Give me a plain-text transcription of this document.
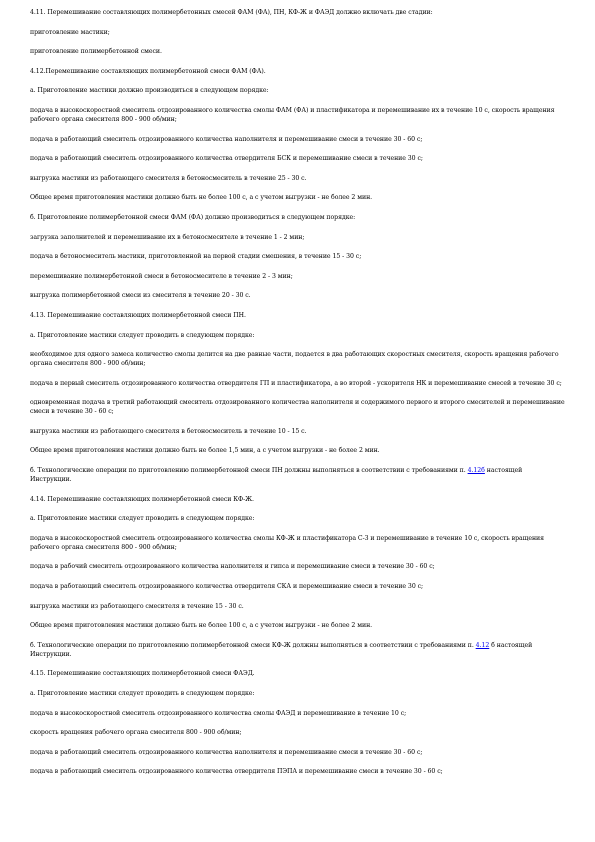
4.11. Перемешивание составляющих полимербетонных смесей ФАМ (ФА), ПН, КФ-Ж и ФАЭД должно включать две стадии:

приготовление мастики;

приготовление полимербетонной смеси.

4.12.Перемешивание составляющих полимербетонной смеси ФАМ (ФА).

а. Приготовление мастики должно производиться в следующем порядке:

подача в высокоскоростной смеситель отдозированного количества смолы ФАМ (ФА) и пластификатора и перемешивание их в течение 10 с, скорость вращения рабочего органа смесителя 800 - 900 об/мин;

подача в работающий смеситель отдозированного количества наполнителя и перемешивание смеси в течение 30 - 60 с;

подача в работающий смеситель отдозированного количества отвердителя БСК и перемешивание смеси в течение 30 с;

выгрузка мастики из работающего смесителя в бетоносмеситель в течение 25 - 30 с.

Общее время приготовления мастики должно быть не более 100 с, а с учетом выгрузки - не более 2 мин.

б. Приготовление полимербетонной смеси ФАМ (ФА) должно производиться в следующем порядке:

загрузка заполнителей и перемешивание их в бетоносмесителе в течение 1 - 2 мин;

подача в бетоносмеситель мастики, приготовленной на первой стадии смешения, в течение 15 - 30 с;

перемешивание полимербетонной смеси в бетоносмесителе в течение 2 - 3 мин;

выгрузка полимербетонной смеси из смесителя в течение 20 - 30 с.

4.13. Перемешивание составляющих полимербетонной смеси ПН.

а. Приготовление мастики следует проводить в следующем порядке:

необходимое для одного замеса количество смолы делится на две равные части, подается в два работающих скоростных смесителя, скорость вращения рабочего органа смесителя 800 - 900 об/мин;

подача в первый смеситель отдозированного количества отвердителя ГП и пластификатора, а во второй - ускорителя НК и перемешивание смесей в течение 30 с;

одновременная подача в третий работающий смеситель отдозированного количества наполнителя и содержимого первого и второго смесителей и перемешивание смеси в течение 30 - 60 с;

выгрузка мастики из работающего смесителя в бетоносмеситель в течение 10 - 15 с.

Общее время приготовления мастики должно быть не более 1,5 мин, а с учетом выгрузки - не более 2 мин.

б. Технологические операции по приготовлению полимербетонной смеси ПН должны выполняться в соответствии с требованиями п. 4.12б настоящей Инструкции.

4.14. Перемешивание составляющих полимербетонной смеси КФ-Ж.

а. Приготовление мастики следует проводить в следующем порядке:

подача в высокоскоростной смеситель отдозированного количества смолы КФ-Ж и пластификатора С-3 и перемешивание в течение 10 с, скорость вращения рабочего органа смесителя 800 - 900 об/мин;

подача в рабочий смеситель отдозированного количества наполнителя и гипса и перемешивание смеси в течение 30 - 60 с;

подача в работающий смеситель отдозированного количества отвердителя СКА и перемешивание смеси в течение 30 с;

выгрузка мастики из работающего смесителя в течение 15 - 30 с.

Общее время приготовления мастики должно быть не более 100 с, а с учетом выгрузки - не более 2 мин.

б. Технологические операции по приготовлению полимербетонной смеси КФ-Ж должны выполняться в соответствии с требованиями п. 4.12 б настоящей Инструкции.

4.15. Перемешивание составляющих полимербетонной смеси ФАЭД.

а. Приготовление мастики следует проводить в следующем порядке:

подача в высокоскоростной смеситель отдозированного количества смолы ФАЭД и перемешивание в течение 10 с;

скорость вращения рабочего органа смесителя 800 - 900 об/мин;

подача в работающий смеситель отдозированного количества наполнителя и перемешивание смеси в течение 30 - 60 с;

подача в работающий смеситель отдозированного количества отвердителя ПЭПА и перемешивание смеси в течение 30 - 60 с;
